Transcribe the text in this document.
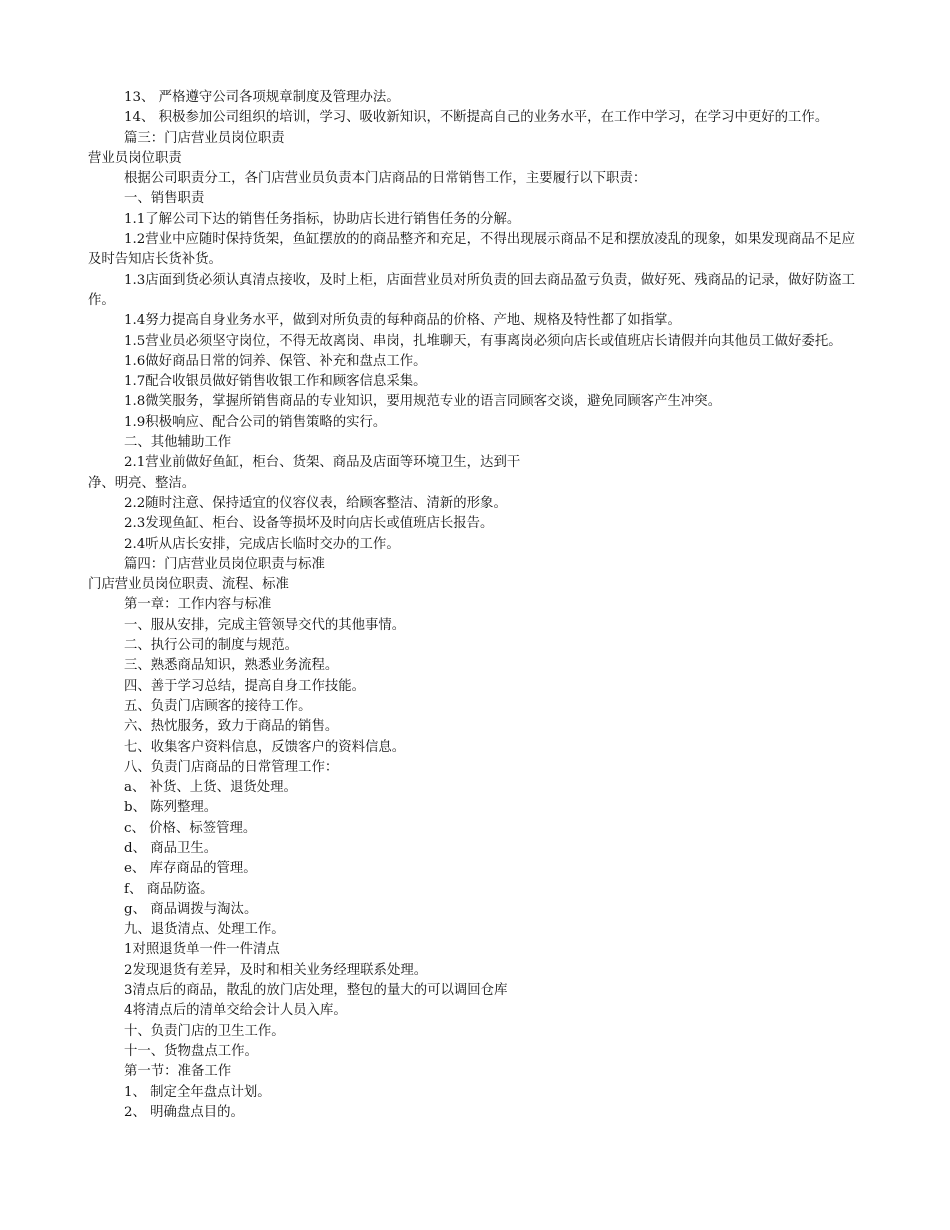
13、 严格遵守公司各项规章制度及管理办法。

14、 积极参加公司组织的培训，学习、吸收新知识，不断提高自己的业务水平，在工作中学习，在学习中更好的工作。

篇三：门店营业员岗位职责

营业员岗位职责

根据公司职责分工，各门店营业员负责本门店商品的日常销售工作，主要履行以下职责：

一、销售职责

1.1了解公司下达的销售任务指标，协助店长进行销售任务的分解。

1.2营业中应随时保持货架，鱼缸摆放的的商品整齐和充足，不得出现展示商品不足和摆放凌乱的现象，如果发现商品不足应及时告知店长货补货。

1.3店面到货必须认真清点接收，及时上柜，店面营业员对所负责的回去商品盈亏负责，做好死、残商品的记录，做好防盗工作。

1.4努力提高自身业务水平，做到对所负责的每种商品的价格、产地、规格及特性都了如指掌。

1.5营业员必须坚守岗位，不得无故离岗、串岗，扎堆聊天，有事离岗必须向店长或值班店长请假并向其他员工做好委托。

1.6做好商品日常的饲养、保管、补充和盘点工作。

1.7配合收银员做好销售收银工作和顾客信息采集。

1.8微笑服务，掌握所销售商品的专业知识，要用规范专业的语言同顾客交谈，避免同顾客产生冲突。

1.9积极响应、配合公司的销售策略的实行。

二、其他辅助工作

2.1营业前做好鱼缸，柜台、货架、商品及店面等环境卫生，达到干

净、明亮、整洁。

2.2随时注意、保持适宜的仪容仪表，给顾客整洁、清新的形象。

2.3发现鱼缸、柜台、设备等损坏及时向店长或值班店长报告。

2.4听从店长安排，完成店长临时交办的工作。

篇四：门店营业员岗位职责与标准

门店营业员岗位职责、流程、标准

第一章：工作内容与标准

一、服从安排，完成主管领导交代的其他事情。

二、执行公司的制度与规范。

三、熟悉商品知识，熟悉业务流程。

四、善于学习总结，提高自身工作技能。

五、负责门店顾客的接待工作。

六、热忱服务，致力于商品的销售。

七、收集客户资料信息，反馈客户的资料信息。

八、负责门店商品的日常管理工作：

a、 补货、上货、退货处理。

b、 陈列整理。

c、 价格、标签管理。

d、 商品卫生。

e、 库存商品的管理。

f、 商品防盗。

g、 商品调拨与淘汰。

九、退货清点、处理工作。

1对照退货单一件一件清点

2发现退货有差异，及时和相关业务经理联系处理。

3清点后的商品，散乱的放门店处理，整包的量大的可以调回仓库

4将清点后的清单交给会计人员入库。

十、负责门店的卫生工作。

十一、货物盘点工作。

第一节：准备工作

1、 制定全年盘点计划。

2、 明确盘点目的。
